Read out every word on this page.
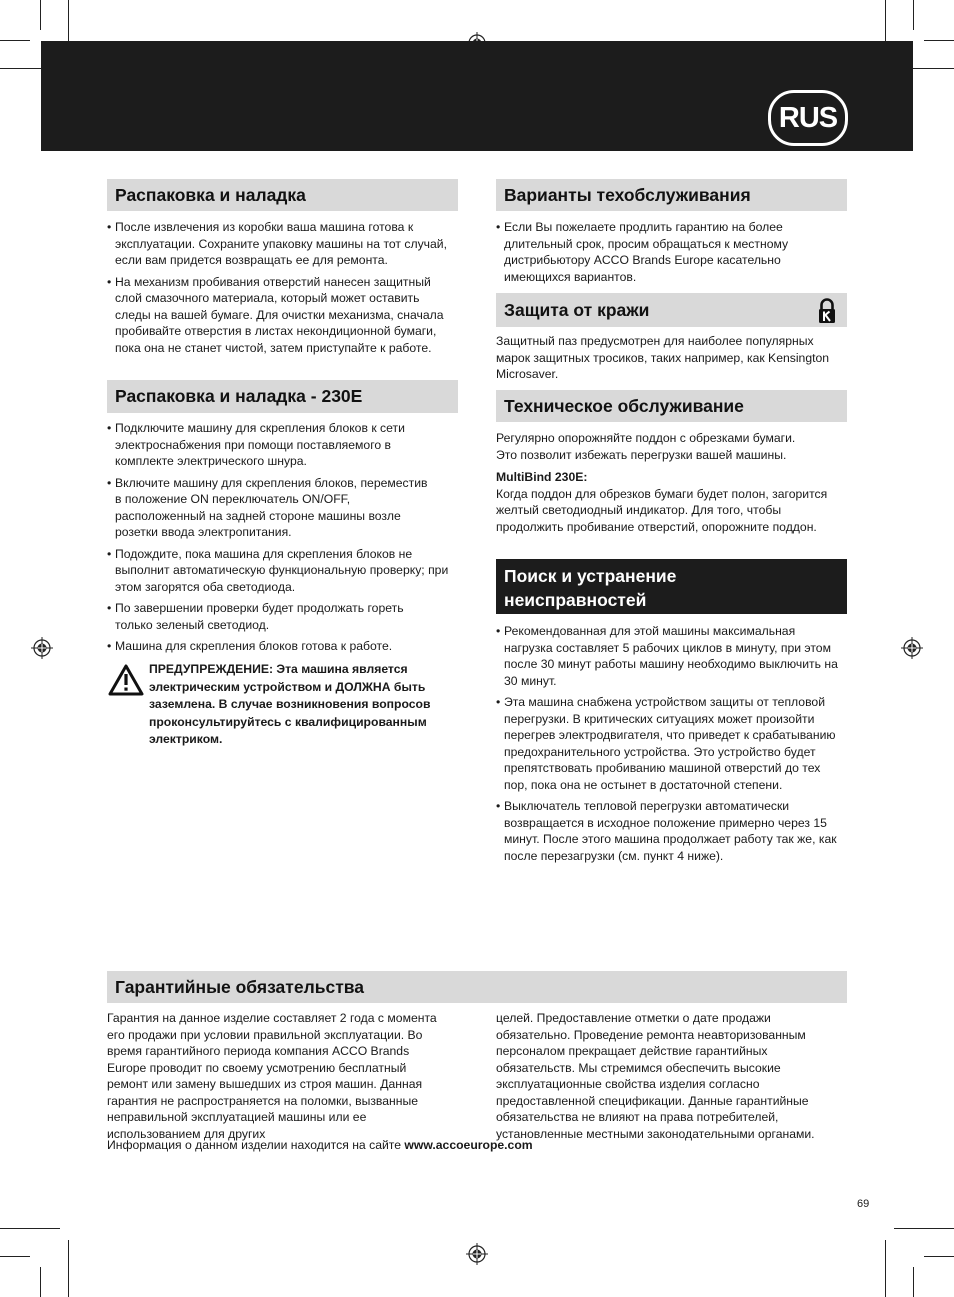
RUS
Распаковка и наладка

• После извлечения из коробки ваша машина готова к эксплуатации. Сохраните упаковку машины на тот случай, если вам придется возвращать ее для ремонта.

• На механизм пробивания отверстий нанесен защитный слой смазочного материала, который может оставить следы на вашей бумаге. Для очистки механизма, сначала пробивайте отверстия в листах некондиционной бумаги, пока она не станет чистой, затем приступайте к работе.

Распаковка и наладка - 230E

• Подключите машину для скрепления блоков к сети электроснабжения при помощи поставляемого в комплекте электрического шнура.

• Включите машину для скрепления блоков, переместив в положение ON переключатель ON/OFF, расположенный на задней стороне машины возле розетки ввода электропитания.

• Подождите, пока машина для скрепления блоков не выполнит автоматическую функциональную проверку; при этом загорятся оба светодиода.

• По завершении проверки будет продолжать гореть только зеленый светодиод.

• Машина для скрепления блоков готова к работе.

ПРЕДУПРЕЖДЕНИЕ: Эта машина является электрическим устройством и ДОЛЖНА быть заземлена. В случае возникновения вопросов проконсультируйтесь с квалифицированным электриком.

Варианты техобслуживания

• Если Вы пожелаете продлить гарантию на более длительный срок, просим обращаться к местному дистрибьютору ACCO Brands Europe касательно имеющихся вариантов.

Защита от кражи

Защитный паз предусмотрен для наиболее популярных марок защитных тросиков, таких например, как Kensington Microsaver.

Техническое обслуживание

Регулярно опорожняйте поддон с обрезками бумаги. Это позволит избежать перегрузки вашей машины.

MultiBind 230E:

Когда поддон для обрезков бумаги будет полон, загорится желтый светодиодный индикатор. Для того, чтобы продолжить пробивание отверстий, опорожните поддон.

Поиск и устранение
неисправностей

• Рекомендованная для этой машины максимальная нагрузка составляет 5 рабочих циклов в минуту, при этом после 30 минут работы машину необходимо выключить на 30 минут.

• Эта машина снабжена устройством защиты от тепловой перегрузки. В критических ситуациях может произойти перегрев электродвигателя, что приведет к срабатыванию предохранительного устройства. Это устройство будет препятствовать пробиванию машиной отверстий до тех пор, пока она не остынет в достаточной степени.

• Выключатель тепловой перегрузки автоматически возвращается в исходное положение примерно через 15 минут. После этого машина продолжает работу так же, как после перезагрузки (см. пункт 4 ниже).

Гарантийные обязательства

Гарантия на данное изделие составляет 2 года с момента его продажи при условии правильной эксплуатации. Во время гарантийного периода компания ACCO Brands Europe проводит по своему усмотрению бесплатный ремонт или замену вышедших из строя машин. Данная гарантия не распространяется на поломки, вызванные неправильной эксплуатацией машины или ее использованием для других

целей. Предоставление отметки о дате продажи обязательно. Проведение ремонта неавторизованным персоналом прекращает действие гарантийных обязательств. Мы стремимся обеспечить высокие эксплуатационные свойства изделия согласно предоставленной спецификации. Данные гарантийные обязательства не влияют на права потребителей, установленные местными законодательными органами.

Информация о данном изделии находится на сайте www.accoeurope.com

69
